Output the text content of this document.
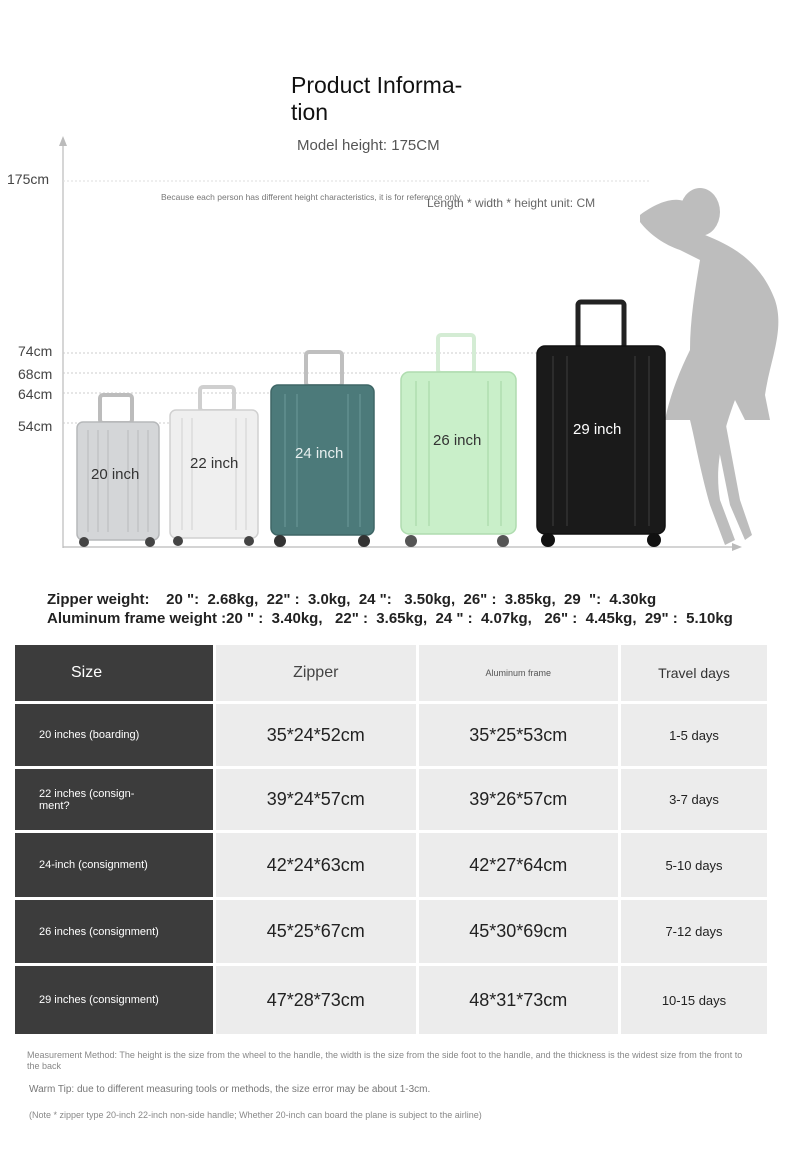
Product Informa-
tion
Model height: 175CM
Because each person has different height characteristics, it is for reference only.
Length * width * height unit: CM
175cm
74cm
68cm
64cm
54cm
20 inch
22 inch
24 inch
26 inch
29 inch
Zipper weight:    20 ":  2.68kg,  22" :  3.0kg,  24 ":   3.50kg,  26" :  3.85kg,  29  ":  4.30kg
Aluminum frame weight :20 " :  3.40kg,   22" :  3.65kg,  24 " :  4.07kg,   26" :  4.45kg,  29" :  5.10kg
Size	Zipper	Aluminum frame	Travel days
20 inches (boarding)	35*24*52cm	35*25*53cm	1-5 days
22 inches (consign-
ment?	39*24*57cm	39*26*57cm	3-7 days
24-inch (consignment)	42*24*63cm	42*27*64cm	5-10 days
26 inches (consignment)	45*25*67cm	45*30*69cm	7-12 days
29 inches (consignment)	47*28*73cm	48*31*73cm	10-15 days
Measurement Method: The height is the size from the wheel to the handle, the width is the size from the side foot to the handle, and the thickness is the widest size from the front to the back
Warm Tip: due to different measuring tools or methods, the size error may be about 1-3cm.
(Note * zipper type 20-inch 22-inch non-side handle; Whether 20-inch can board the plane is subject to the airline)
